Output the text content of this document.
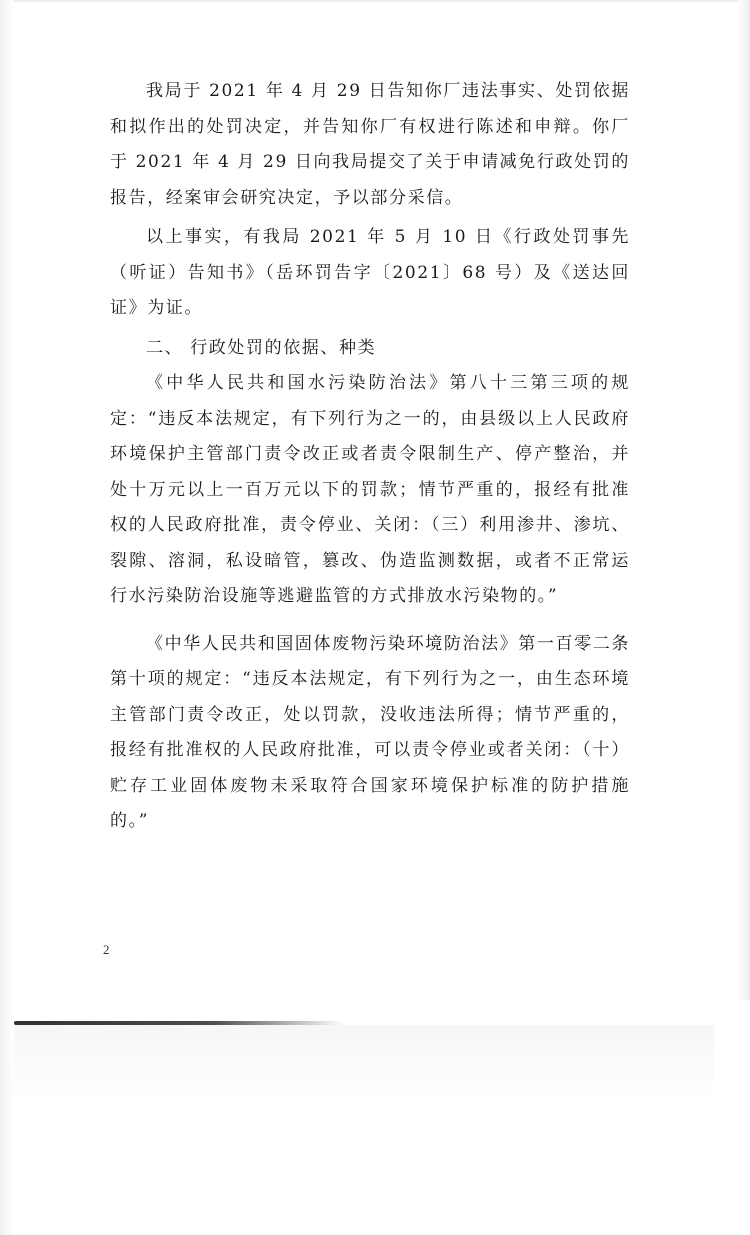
我局于 2021 年 4 月 29 日告知你厂违法事实、处罚依据和拟作出的处罚决定，并告知你厂有权进行陈述和申辩。你厂于 2021 年 4 月 29 日向我局提交了关于申请减免行政处罚的报告，经案审会研究决定，予以部分采信。

以上事实，有我局 2021 年 5 月 10 日《行政处罚事先（听证）告知书》（岳环罚告字〔2021〕68 号）及《送达回证》为证。

二、 行政处罚的依据、种类

《中华人民共和国水污染防治法》第八十三第三项的规定：“违反本法规定，有下列行为之一的，由县级以上人民政府环境保护主管部门责令改正或者责令限制生产、停产整治，并处十万元以上一百万元以下的罚款；情节严重的，报经有批准权的人民政府批准，责令停业、关闭：（三）利用渗井、渗坑、裂隙、溶洞，私设暗管，篡改、伪造监测数据，或者不正常运行水污染防治设施等逃避监管的方式排放水污染物的。”

《中华人民共和国固体废物污染环境防治法》第一百零二条第十项的规定：“违反本法规定，有下列行为之一，由生态环境主管部门责令改正，处以罚款，没收违法所得；情节严重的，报经有批准权的人民政府批准，可以责令停业或者关闭：（十）贮存工业固体废物未采取符合国家环境保护标准的防护措施的。”

2
